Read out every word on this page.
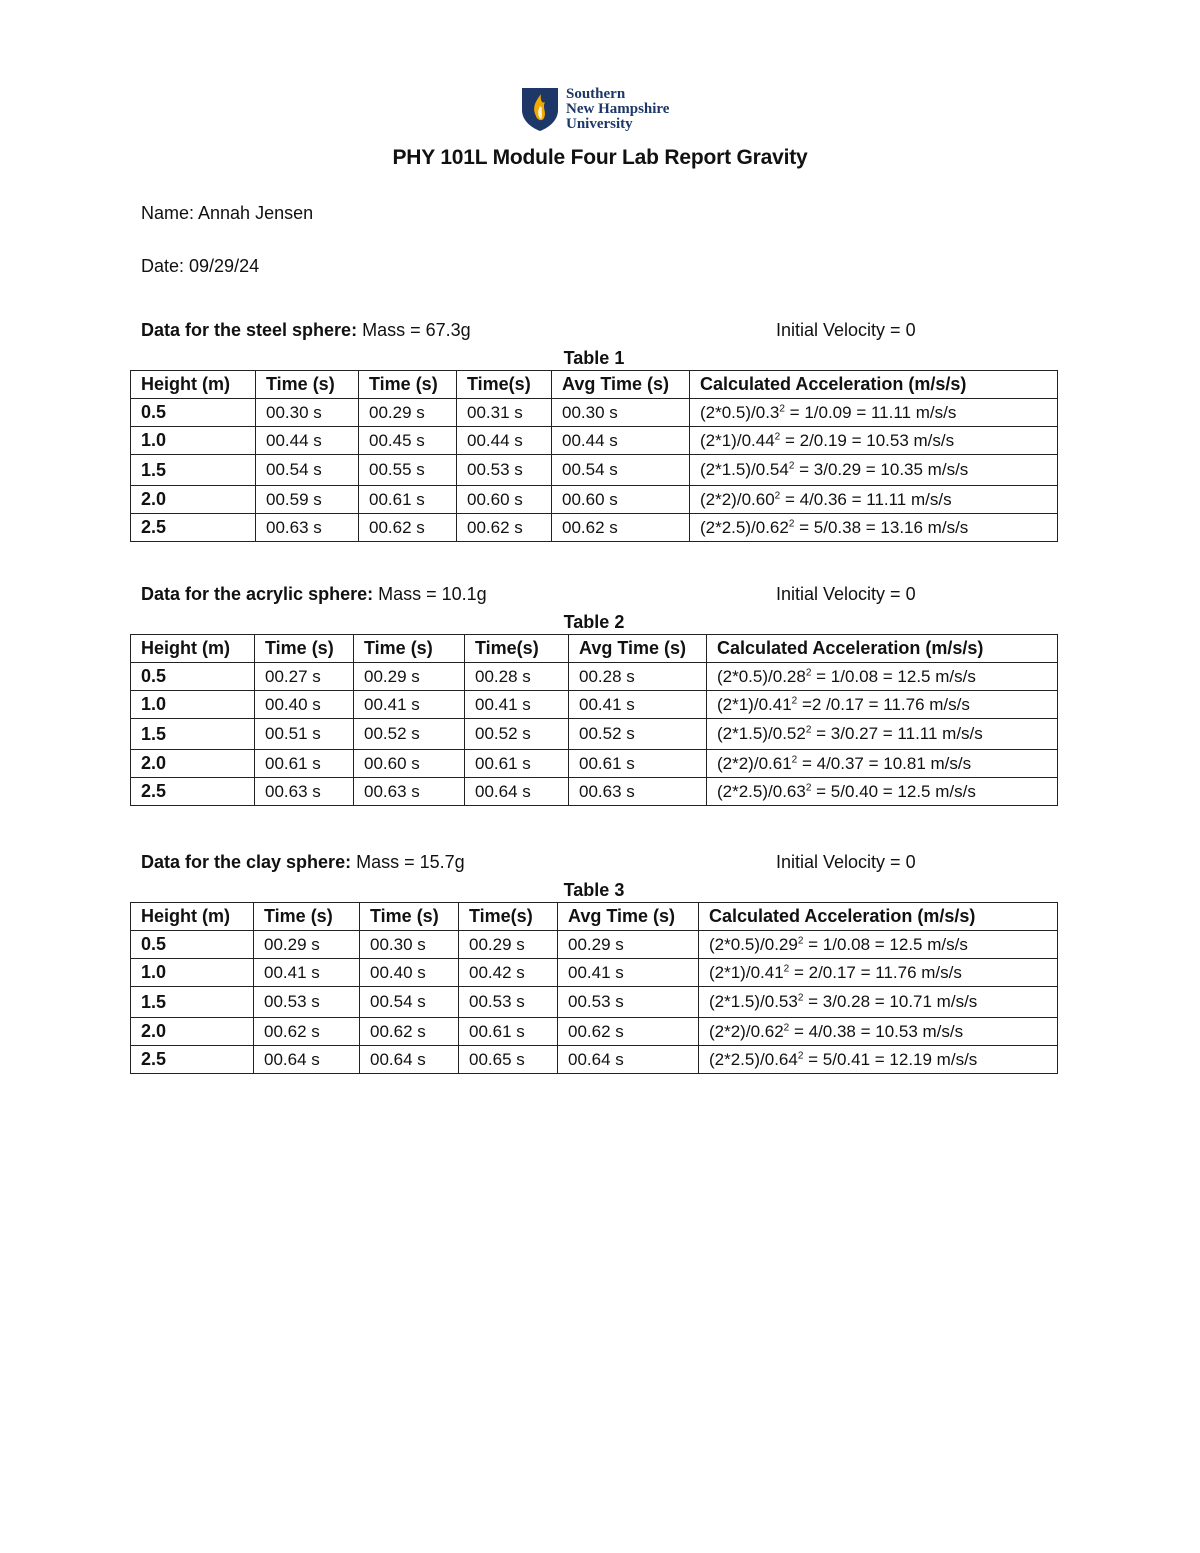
Southern
New Hampshire
University
PHY 101L Module Four Lab Report Gravity
Name: Annah Jensen
Date: 09/29/24
Data for the steel sphere: Mass = 67.3g	Initial Velocity = 0
Table 1
Height (m)	Time (s)	Time (s)	Time(s)	Avg Time (s)	Calculated Acceleration (m/s/s)
0.5	00.30 s	00.29 s	00.31 s	00.30 s	$(2*0.5)/0.3^2 = 1/0.09 = 11.11$ m/s/s
1.0	00.44 s	00.45 s	00.44 s	00.44 s	$(2*1)/0.44^2 = 2/0.19 = 10.53$ m/s/s
1.5	00.54 s	00.55 s	00.53 s	00.54 s	$(2*1.5)/0.54^2 = 3/0.29 = 10.35$ m/s/s
2.0	00.59 s	00.61 s	00.60 s	00.60 s	$(2*2)/0.60^2 = 4/0.36 = 11.11$ m/s/s
2.5	00.63 s	00.62 s	00.62 s	00.62 s	$(2*2.5)/0.62^2 = 5/0.38 = 13.16$ m/s/s
Data for the acrylic sphere: Mass = 10.1g	Initial Velocity = 0
Table 2
Height (m)	Time (s)	Time (s)	Time(s)	Avg Time (s)	Calculated Acceleration (m/s/s)
0.5	00.27 s	00.29 s	00.28 s	00.28 s	$(2*0.5)/0.28^2 = 1/0.08 = 12.5$ m/s/s
1.0	00.40 s	00.41 s	00.41 s	00.41 s	$(2*1)/0.41^2 =2$ /0.17 = 11.76 m/s/s
1.5	00.51 s	00.52 s	00.52 s	00.52 s	$(2*1.5)/0.52^2 = 3/0.27 = 11.11$ m/s/s
2.0	00.61 s	00.60 s	00.61 s	00.61 s	$(2*2)/0.61^2 = 4/0.37 = 10.81$ m/s/s
2.5	00.63 s	00.63 s	00.64 s	00.63 s	$(2*2.5)/0.63^2 = 5/0.40 = 12.5$ m/s/s
Data for the clay sphere: Mass = 15.7g	Initial Velocity = 0
Table 3
Height (m)	Time (s)	Time (s)	Time(s)	Avg Time (s)	Calculated Acceleration (m/s/s)
0.5	00.29 s	00.30 s	00.29 s	00.29 s	$(2*0.5)/0.29^2 = 1/0.08 = 12.5$ m/s/s
1.0	00.41 s	00.40 s	00.42 s	00.41 s	$(2*1)/0.41^2 = 2/0.17 = 11.76$ m/s/s
1.5	00.53 s	00.54 s	00.53 s	00.53 s	$(2*1.5)/0.53^2 = 3/0.28 = 10.71$ m/s/s
2.0	00.62 s	00.62 s	00.61 s	00.62 s	$(2*2)/0.62^2 = 4/0.38 = 10.53$ m/s/s
2.5	00.64 s	00.64 s	00.65 s	00.64 s	$(2*2.5)/0.64^2 = 5/0.41 = 12.19$ m/s/s
